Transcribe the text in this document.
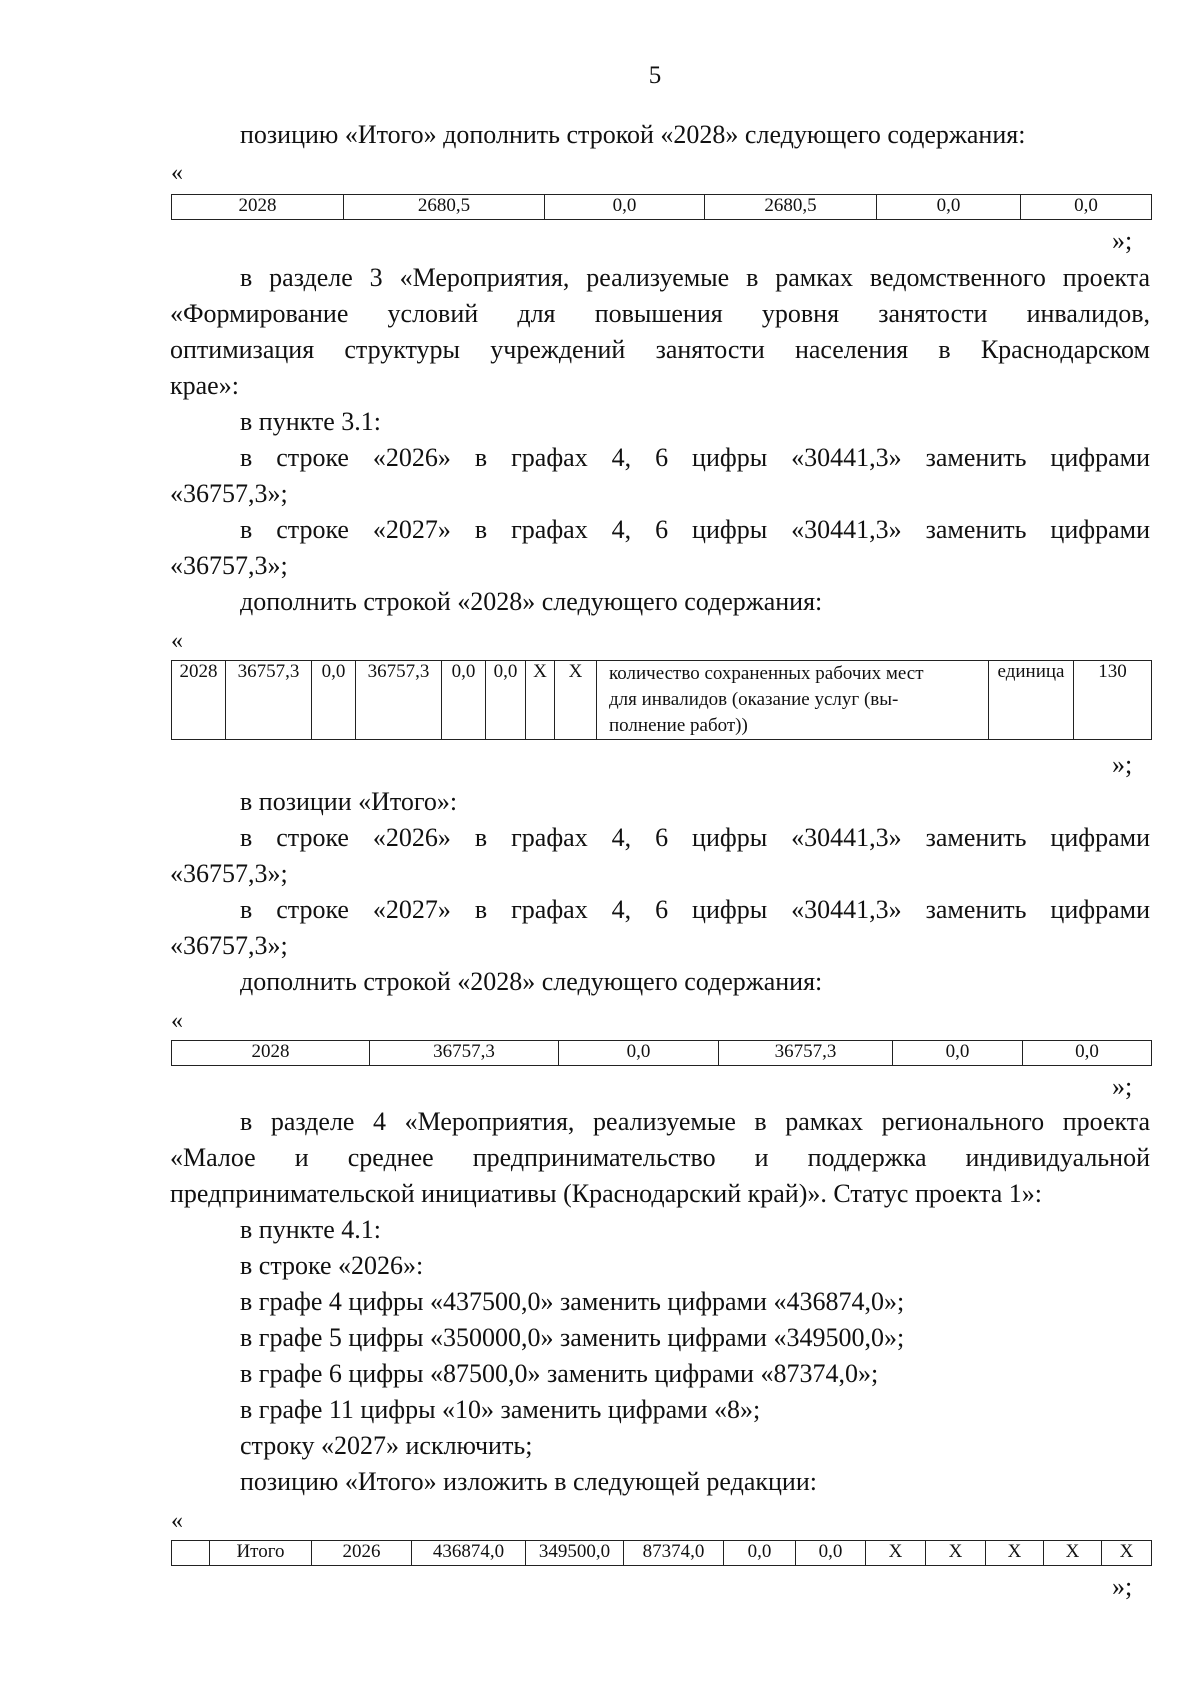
5
позицию «Итого» дополнить строкой «2028» следующего содержания:
«
2028	2680,5	0,0	2680,5	0,0	0,0
»;
в разделе 3 «Мероприятия, реализуемые в рамках ведомственного проекта
«Формирование условий для повышения уровня занятости инвалидов,
оптимизация структуры учреждений занятости населения в Краснодарском
крае»:
в пункте 3.1:
в строке «2026» в графах 4, 6 цифры «30441,3» заменить цифрами
«36757,3»;
в строке «2027» в графах 4, 6 цифры «30441,3» заменить цифрами
«36757,3»;
дополнить строкой «2028» следующего содержания:
«
2028	36757,3	0,0	36757,3	0,0	0,0	Х	Х	количество сохраненных рабочих мест
для инвалидов (оказание услуг (вы-
полнение работ))
	единица	130
»;
в позиции «Итого»:
в строке «2026» в графах 4, 6 цифры «30441,3» заменить цифрами
«36757,3»;
в строке «2027» в графах 4, 6 цифры «30441,3» заменить цифрами
«36757,3»;
дополнить строкой «2028» следующего содержания:
«
2028	36757,3	0,0	36757,3	0,0	0,0
»;
в разделе 4 «Мероприятия, реализуемые в рамках регионального проекта
«Малое и среднее предпринимательство и поддержка индивидуальной
предпринимательской инициативы (Краснодарский край)». Статус проекта 1»:
в пункте 4.1:
в строке «2026»:
в графе 4 цифры «437500,0» заменить цифрами «436874,0»;
в графе 5 цифры «350000,0» заменить цифрами «349500,0»;
в графе 6 цифры «87500,0» заменить цифрами «87374,0»;
в графе 11 цифры «10» заменить цифрами «8»;
строку «2027» исключить;
позицию «Итого» изложить в следующей редакции:
«
	Итого	2026	436874,0	349500,0	87374,0	0,0	0,0	Х	Х	Х	Х	Х
»;
